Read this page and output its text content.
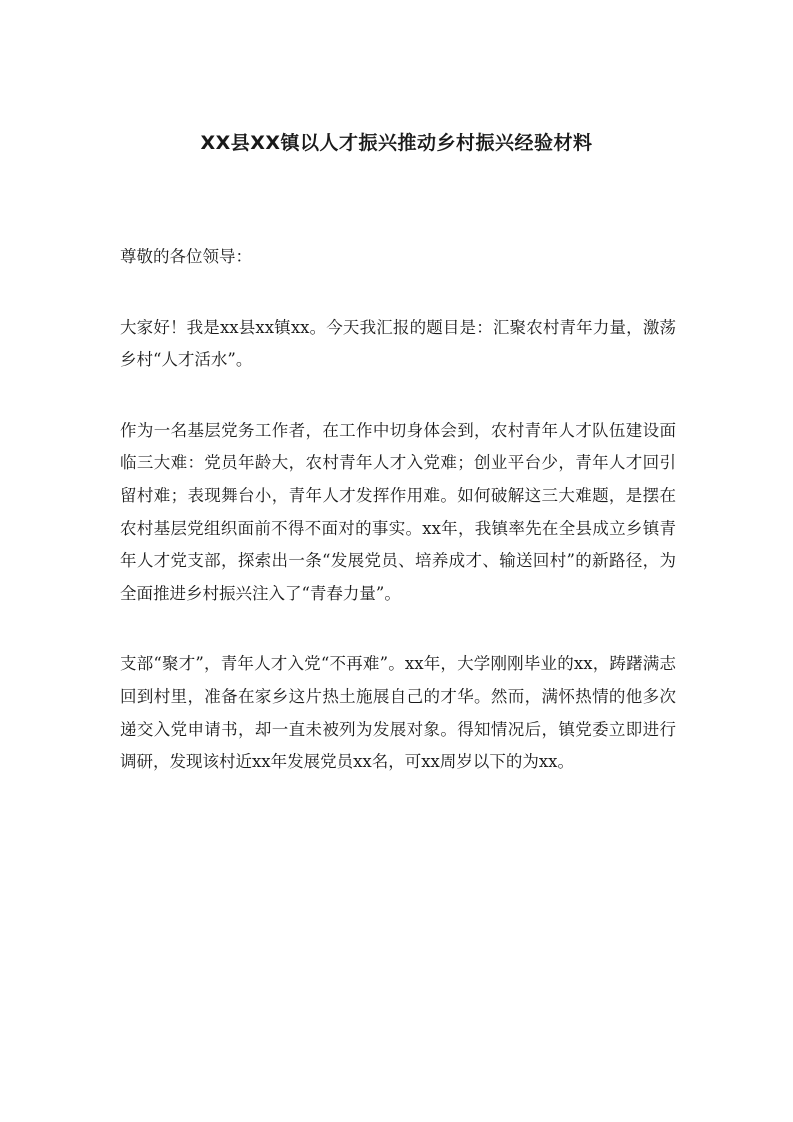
XX县XX镇以人才振兴推动乡村振兴经验材料

尊敬的各位领导：

大家好！我是xx县xx镇xx。今天我汇报的题目是：汇聚农村青年力量，激荡乡村“人才活水”。

作为一名基层党务工作者，在工作中切身体会到，农村青年人才队伍建设面临三大难：党员年龄大，农村青年人才入党难；创业平台少，青年人才回引留村难；表现舞台小，青年人才发挥作用难。如何破解这三大难题，是摆在农村基层党组织面前不得不面对的事实。xx年，我镇率先在全县成立乡镇青年人才党支部，探索出一条“发展党员、培养成才、输送回村”的新路径，为全面推进乡村振兴注入了“青春力量”。

支部“聚才”，青年人才入党“不再难”。xx年，大学刚刚毕业的xx，踌躇满志回到村里，准备在家乡这片热土施展自己的才华。然而，满怀热情的他多次递交入党申请书，却一直未被列为发展对象。得知情况后，镇党委立即进行调研，发现该村近xx年发展党员xx名，可xx周岁以下的为xx。
